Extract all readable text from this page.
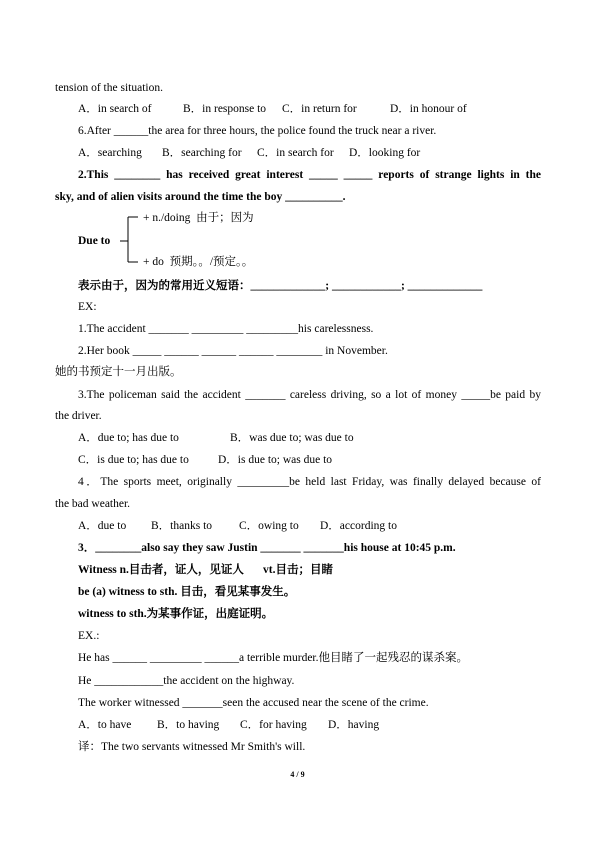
tension of the situation.
A．in search of	B．in response to C．in return for	D．in honour of
6.After ______the area for three hours, the police found the truck near a river.
A．searching B．searching for C．in search for D．looking for
2.This ________ has received great interest _____ _____ reports of strange lights in the
sky, and of alien visits around the time the boy __________.
+ n./doing  由于；因为
Due to
+ do  预期。。/预定。。
表示由于，因为的常用近义短语：_____________; ____________; _____________
EX:
1.The accident _______ _________ _________his carelessness.
2.Her book _____ ______ ______ ______ ________ in November.
她的书预定十一月出版。
3.The policeman said the accident _______ careless driving, so a lot of money _____be paid by
the driver.
A．due to; has due to	B．was due to; was due to
C．is due to; has due to	D．is due to; was due to
4．The sports meet, originally _________be held last Friday, was finally delayed because of
the bad weather.
A．due to B．thanks to C．owing to D．according to
3．________also say they saw Justin _______ _______his house at 10:45 p.m.
Witness n.目击者，证人，见证人 vt.目击；目睹
be (a) witness to sth. 目击，看见某事发生。
witness to sth.为某事作证，出庭证明。
EX.:
He has ______ _________ ______a terrible murder.他目睹了一起残忍的谋杀案。
He ____________the accident on the highway.
The worker witnessed _______seen the accused near the scene of the crime.
A．to have B．to having C．for having D．having
译：The two servants witnessed Mr Smith's will.
4 / 9
